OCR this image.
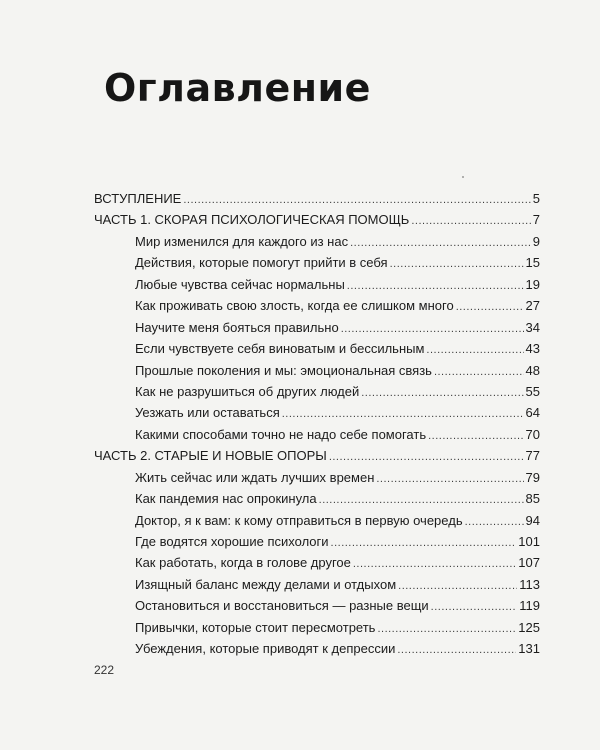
Оглавление
ВСТУПЛЕНИЕ .....	5
ЧАСТЬ 1. СКОРАЯ ПСИХОЛОГИЧЕСКАЯ ПОМОЩЬ .....	7
Мир изменился для каждого из нас .....	9
Действия, которые помогут прийти в себя .....	15
Любые чувства сейчас нормальны .....	19
Как проживать свою злость, когда ее слишком много .....	27
Научите меня бояться правильно .....	34
Если чувствуете себя виноватым и бессильным .....	43
Прошлые поколения и мы: эмоциональная связь .....	48
Как не разрушиться об других людей .....	55
Уезжать или оставаться .....	64
Какими способами точно не надо себе помогать .....	70
ЧАСТЬ 2. СТАРЫЕ И НОВЫЕ ОПОРЫ .....	77
Жить сейчас или ждать лучших времен .....	79
Как пандемия нас опрокинула .....	85
Доктор, я к вам: к кому отправиться в первую очередь .....	94
Где водятся хорошие психологи .....	101
Как работать, когда в голове другое .....	107
Изящный баланс между делами и отдыхом .....	113
Остановиться и восстановиться — разные вещи .....	119
Привычки, которые стоит пересмотреть .....	125
Убеждения, которые приводят к депрессии .....	131
222
